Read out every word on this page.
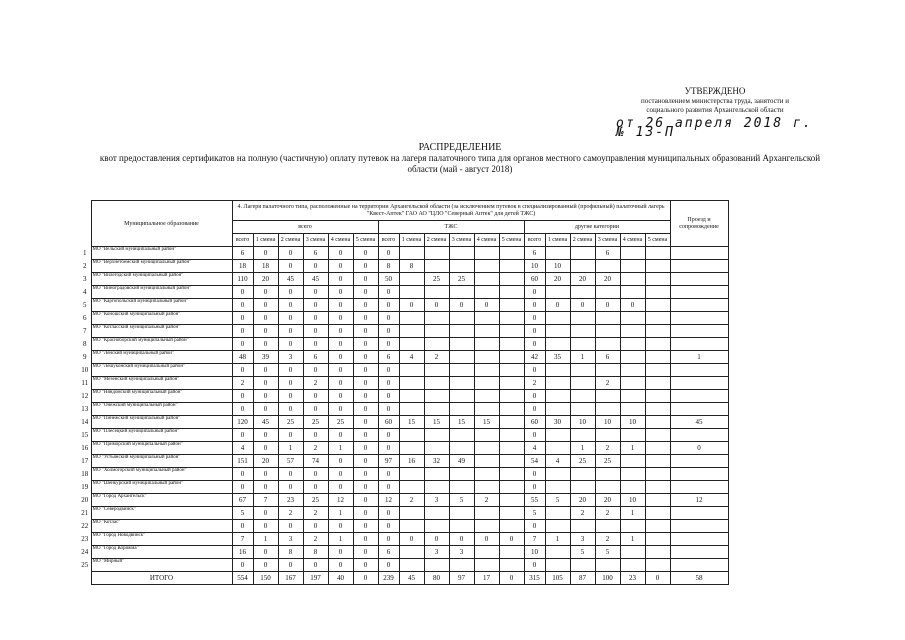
УТВЕРЖДЕНО
постановлением министерства труда, занятости и
социального развития Архангельской области
от 26 апреля 2018 г. № 13-П
РАСПРЕДЕЛЕНИЕ
квот предоставления сертификатов на полную (частичную) оплату путевок на лагеря палаточного типа для органов местного самоуправления муниципальных образований Архангельской
области (май - август 2018)
	Муниципальное образование	4. Лагеря палаточного типа, расположенные на территории Архангельской области (за исключением путевок в специализированный (профильный) палаточный лагерь "Квест-Аптек" ГАО АО "ЦЛО "Северный Аптек" для детей ТЖС)																		Проезд и сопровождение
		всего						ТЖС						другие категории						
		всего	1 смена	2 смена	3 смена	4 смена	5 смена	всего	1 смена	2 смена	3 смена	4 смена	5 смена	всего	1 смена	2 смена	3 смена	4 смена	5 смена	
1	МО "Вельский муниципальный район"	6	0	0	6	0	0	0						6			6			
2	МО "Верхнетоемский муниципальный район"	18	18	0	0	0	0	8	8					10	10					
3	МО "Вилегодский муниципальный район"	110	20	45	45	0	0	50		25	25			60	20	20	20			
4	МО "Виноградовский муниципальный район"	0	0	0	0	0	0	0						0						
5	МО "Каргопольский муниципальный район"	0	0	0	0	0	0	0	0	0	0	0		0	0	0	0	0		
6	МО "Коношский муниципальный район"	0	0	0	0	0	0	0						0						
7	МО "Котласский муниципальный район"	0	0	0	0	0	0	0						0						
8	МО "Красноборский муниципальный район"	0	0	0	0	0	0	0						0						
9	МО "Ленский муниципальный район"	48	39	3	6	0	0	6	4	2				42	35	1	6			1
10	МО "Лешуконский муниципальный район"	0	0	0	0	0	0	0						0						
11	МО "Мезенский муниципальный район"	2	0	0	2	0	0	0						2			2			
12	МО "Няндомский муниципальный район"	0	0	0	0	0	0	0						0						
13	МО "Онежский муниципальный район"	0	0	0	0	0	0	0						0						
14	МО "Пинежский муниципальный район"	120	45	25	25	25	0	60	15	15	15	15		60	30	10	10	10		45
15	МО "Плесецкий муниципальный район"	0	0	0	0	0	0	0						0						
16	МО "Приморский муниципальный район"	4	0	1	2	1	0	0						4		1	2	1		0
17	МО "Устьянский муниципальный район"	151	20	57	74	0	0	97	16	32	49			54	4	25	25			
18	МО "Холмогорский муниципальный район"	0	0	0	0	0	0	0						0						
19	МО "Шенкурский муниципальный район"	0	0	0	0	0	0	0						0						
20	МО "Город Архангельск"	67	7	23	25	12	0	12	2	3	5	2		55	5	20	20	10		12
21	МО "Северодвинск"	5	0	2	2	1	0	0						5		2	2	1		
22	МО "Котлас"	0	0	0	0	0	0	0						0						
23	МО "Город Новодвинск"	7	1	3	2	1	0	0	0	0	0	0	0	7	1	3	2	1		
24	МО "Город Коряжма"	16	0	8	8	0	0	6		3	3			10		5	5			
25	МО "Мирный"	0	0	0	0	0	0	0						0						
	ИТОГО	554	150	167	197	40	0	239	45	80	97	17	0	315	105	87	100	23	0	58
